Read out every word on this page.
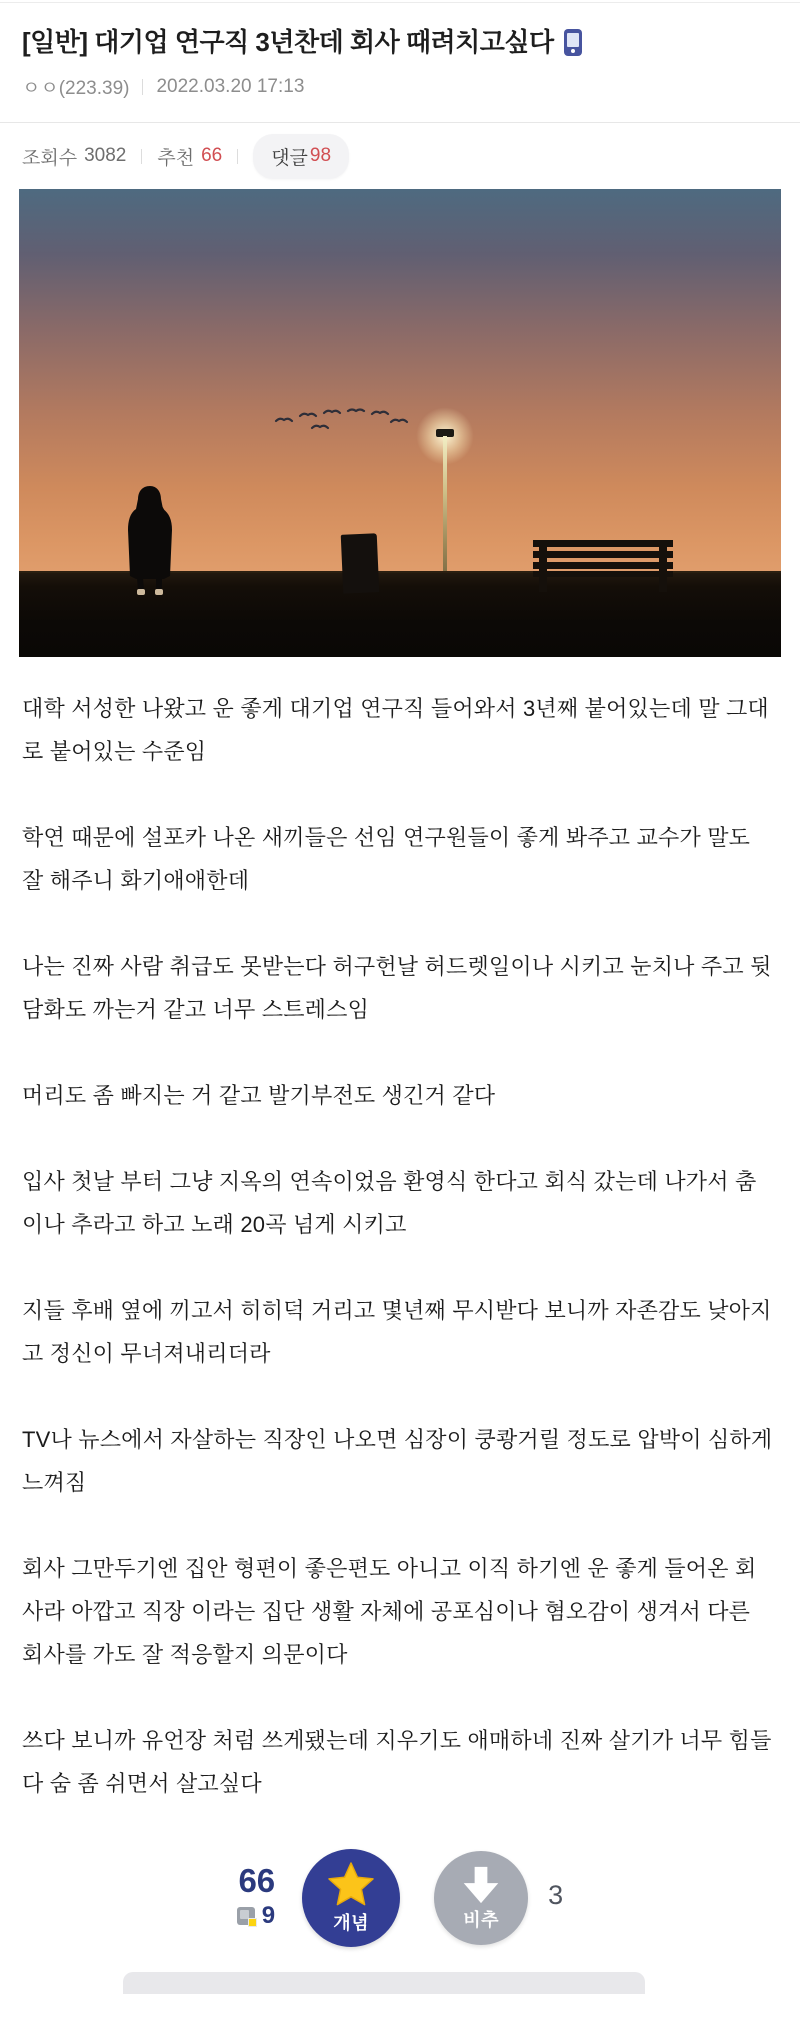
[일반] 대기업 연구직 3년찬데 회사 때려치고싶다
ㅇㅇ(223.39) 2022.03.20 17:13
조회수 3082 추천 66	댓글 98

대학 서성한 나왔고 운 좋게 대기업 연구직 들어와서 3년째 붙어있는데 말 그대로 붙어있는 수준임

학연 때문에 설포카 나온 새끼들은 선임 연구원들이 좋게 봐주고 교수가 말도 잘 해주니 화기애애한데

나는 진짜 사람 취급도 못받는다 허구헌날 허드렛일이나 시키고 눈치나 주고 뒷담화도 까는거 같고 너무 스트레스임

머리도 좀 빠지는 거 같고 발기부전도 생긴거 같다

입사 첫날 부터 그냥 지옥의 연속이었음 환영식 한다고 회식 갔는데 나가서 춤이나 추라고 하고 노래 20곡 넘게 시키고

지들 후배 옆에 끼고서 히히덕 거리고 몇년째 무시받다 보니까 자존감도 낮아지고 정신이 무너져내리더라

TV나 뉴스에서 자살하는 직장인 나오면 심장이 쿵쾅거릴 정도로 압박이 심하게 느껴짐

회사 그만두기엔 집안 형편이 좋은편도 아니고 이직 하기엔 운 좋게 들어온 회사라 아깝고 직장 이라는 집단 생활 자체에 공포심이나 혐오감이 생겨서 다른 회사를 가도 잘 적응할지 의문이다

쓰다 보니까 유언장 처럼 쓰게됐는데 지우기도 애매하네 진짜 살기가 너무 힘들다 숨 좀 쉬면서 살고싶다

66
9	개념	비추
3
